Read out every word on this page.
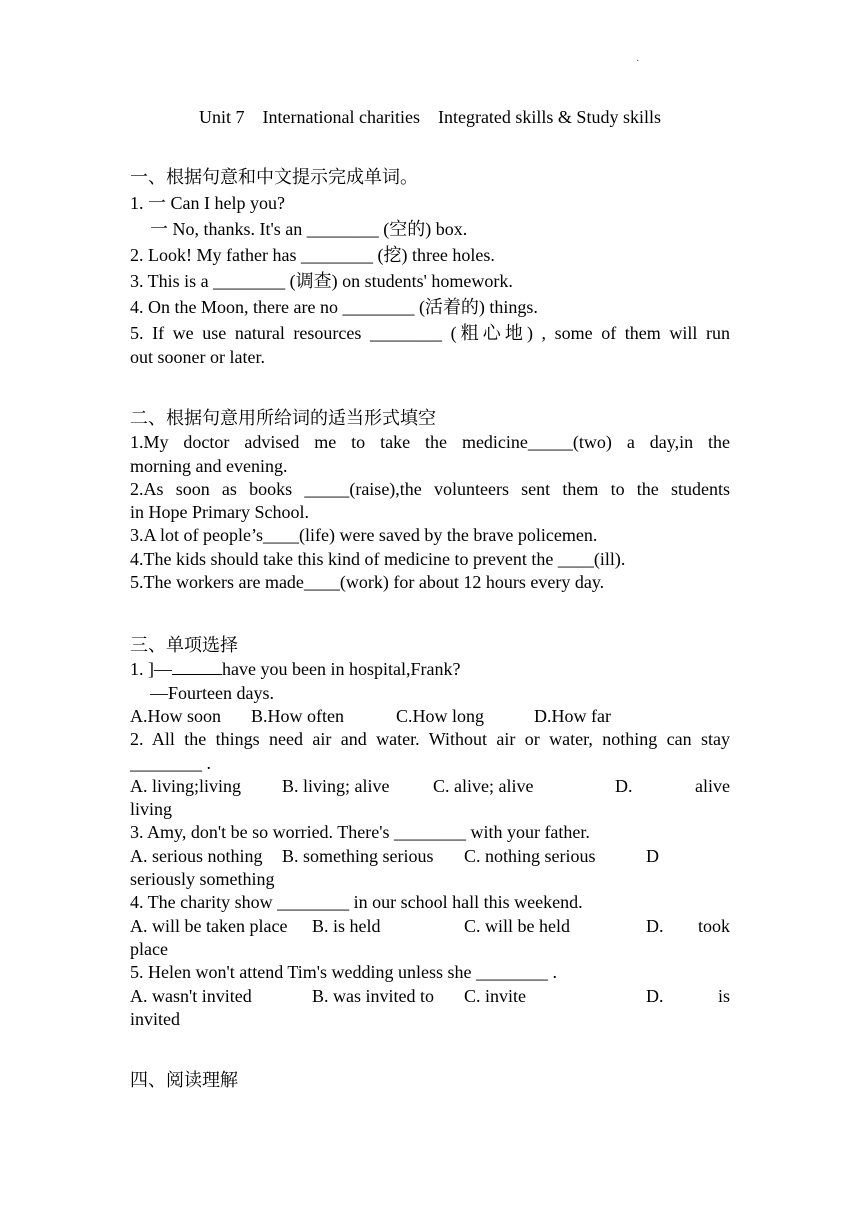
·
Unit 7    International charities    Integrated skills & Study skills
一、根据句意和中文提示完成单词。
1. 一 Can I help you?
一 No, thanks. It's an ________ (空的) box.
2. Look! My father has ________ (挖) three holes.
3. This is a ________ (调查) on students' homework.
4. On the Moon, there are no ________ (活着的) things.
5. If we use natural resources ________ (粗心地) , some of them will run
out sooner or later.
二、根据句意用所给词的适当形式填空
1.My doctor advised me to take the medicine_____(two) a day,in the
morning and evening.
2.As soon as books _____(raise),the volunteers sent them to the students
in Hope Primary School.
3.A lot of people’s____(life) were saved by the brave policemen.
4.The kids should take this kind of medicine to prevent the ____(ill).
5.The workers are made____(work) for about 12 hours every day.
三、单项选择
1. ]—	have you been in hospital,Frank?
—Fourteen days.
A.How soon	B.How often	C.How long	D.How far
2. All the things need air and water. Without air or water, nothing can stay
________ .
A. living;living	B. living; alive	C. alive; alive	D.	alive
living
3. Amy, don't be so worried. There's ________ with your father.
A. serious nothing	B. something serious	C. nothing serious	D
seriously something
4. The charity show ________ in our school hall this weekend.
A. will be taken place	B. is held	C. will be held	D.	took
place
5. Helen won't attend Tim's wedding unless she ________ .
A. wasn't invited	B. was invited to	C. invite	D.	is
invited
四、阅读理解
